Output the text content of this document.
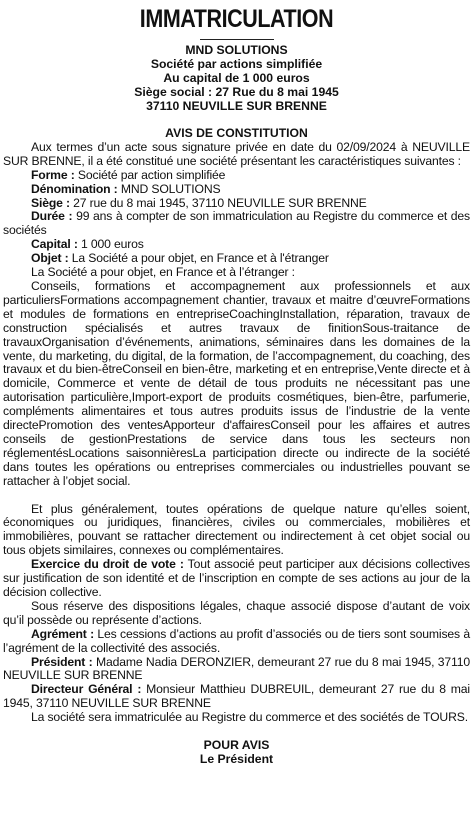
IMMATRICULATION
MND SOLUTIONS
Société par actions simplifiée
Au capital de 1 000 euros
Siège social : 27 Rue du 8 mai 1945
37110 NEUVILLE SUR BRENNE
AVIS DE CONSTITUTION

Aux termes d’un acte sous signature privée en date du 02/09/2024 à NEUVILLE SUR BRENNE, il a été constitué une société présentant les caractéristiques suivantes :

Forme : Société par action simplifiée

Dénomination : MND SOLUTIONS

Siège : 27 rue du 8 mai 1945, 37110 NEUVILLE SUR BRENNE

Durée : 99 ans à compter de son immatriculation au Registre du commerce et des sociétés

Capital : 1 000 euros

Objet : La Société a pour objet, en France et à l'étranger

La Société a pour objet, en France et à l’étranger :

Conseils, formations et accompagnement aux professionnels et aux particuliersFormations accompagnement chantier, travaux et maitre d’œuvreFormations et modules de formations en entrepriseCoachingInstallation, réparation, travaux de construction spécialisés et autres travaux de finitionSous-traitance de travauxOrganisation d’événements, animations, séminaires dans les domaines de la vente, du marketing, du digital, de la formation, de l’accompagnement, du coaching, des travaux et du bien-êtreConseil en bien-être, marketing et en entreprise,Vente directe et à domicile, Commerce et vente de détail de tous produits ne nécessitant pas une autorisation particulière,Import-export de produits cosmétiques, bien-être, parfumerie, compléments alimentaires et tous autres produits issus de l’industrie de la vente directePromotion des ventesApporteur d'affairesConseil pour les affaires et autres conseils de gestionPrestations de service dans tous les secteurs non réglementésLocations saisonnièresLa participation directe ou indirecte de la société dans toutes les opérations ou entreprises commerciales ou industrielles pouvant se rattacher à l’objet social.

Et plus généralement, toutes opérations de quelque nature qu’elles soient, économiques ou juridiques, financières, civiles ou commerciales, mobilières et immobilières, pouvant se rattacher directement ou indirectement à cet objet social ou tous objets similaires, connexes ou complémentaires.

Exercice du droit de vote : Tout associé peut participer aux décisions collectives sur justification de son identité et de l’inscription en compte de ses actions au jour de la décision collective.

Sous réserve des dispositions légales, chaque associé dispose d’autant de voix qu’il possède ou représente d’actions.

Agrément : Les cessions d’actions au profit d’associés ou de tiers sont soumises à l’agrément de la collectivité des associés.

Président : Madame Nadia DERONZIER, demeurant 27 rue du 8 mai 1945, 37110 NEUVILLE SUR BRENNE

Directeur Général : Monsieur Matthieu DUBREUIL, demeurant 27 rue du 8 mai 1945, 37110 NEUVILLE SUR BRENNE

La société sera immatriculée au Registre du commerce et des sociétés de TOURS.

POUR AVIS
Le Président
